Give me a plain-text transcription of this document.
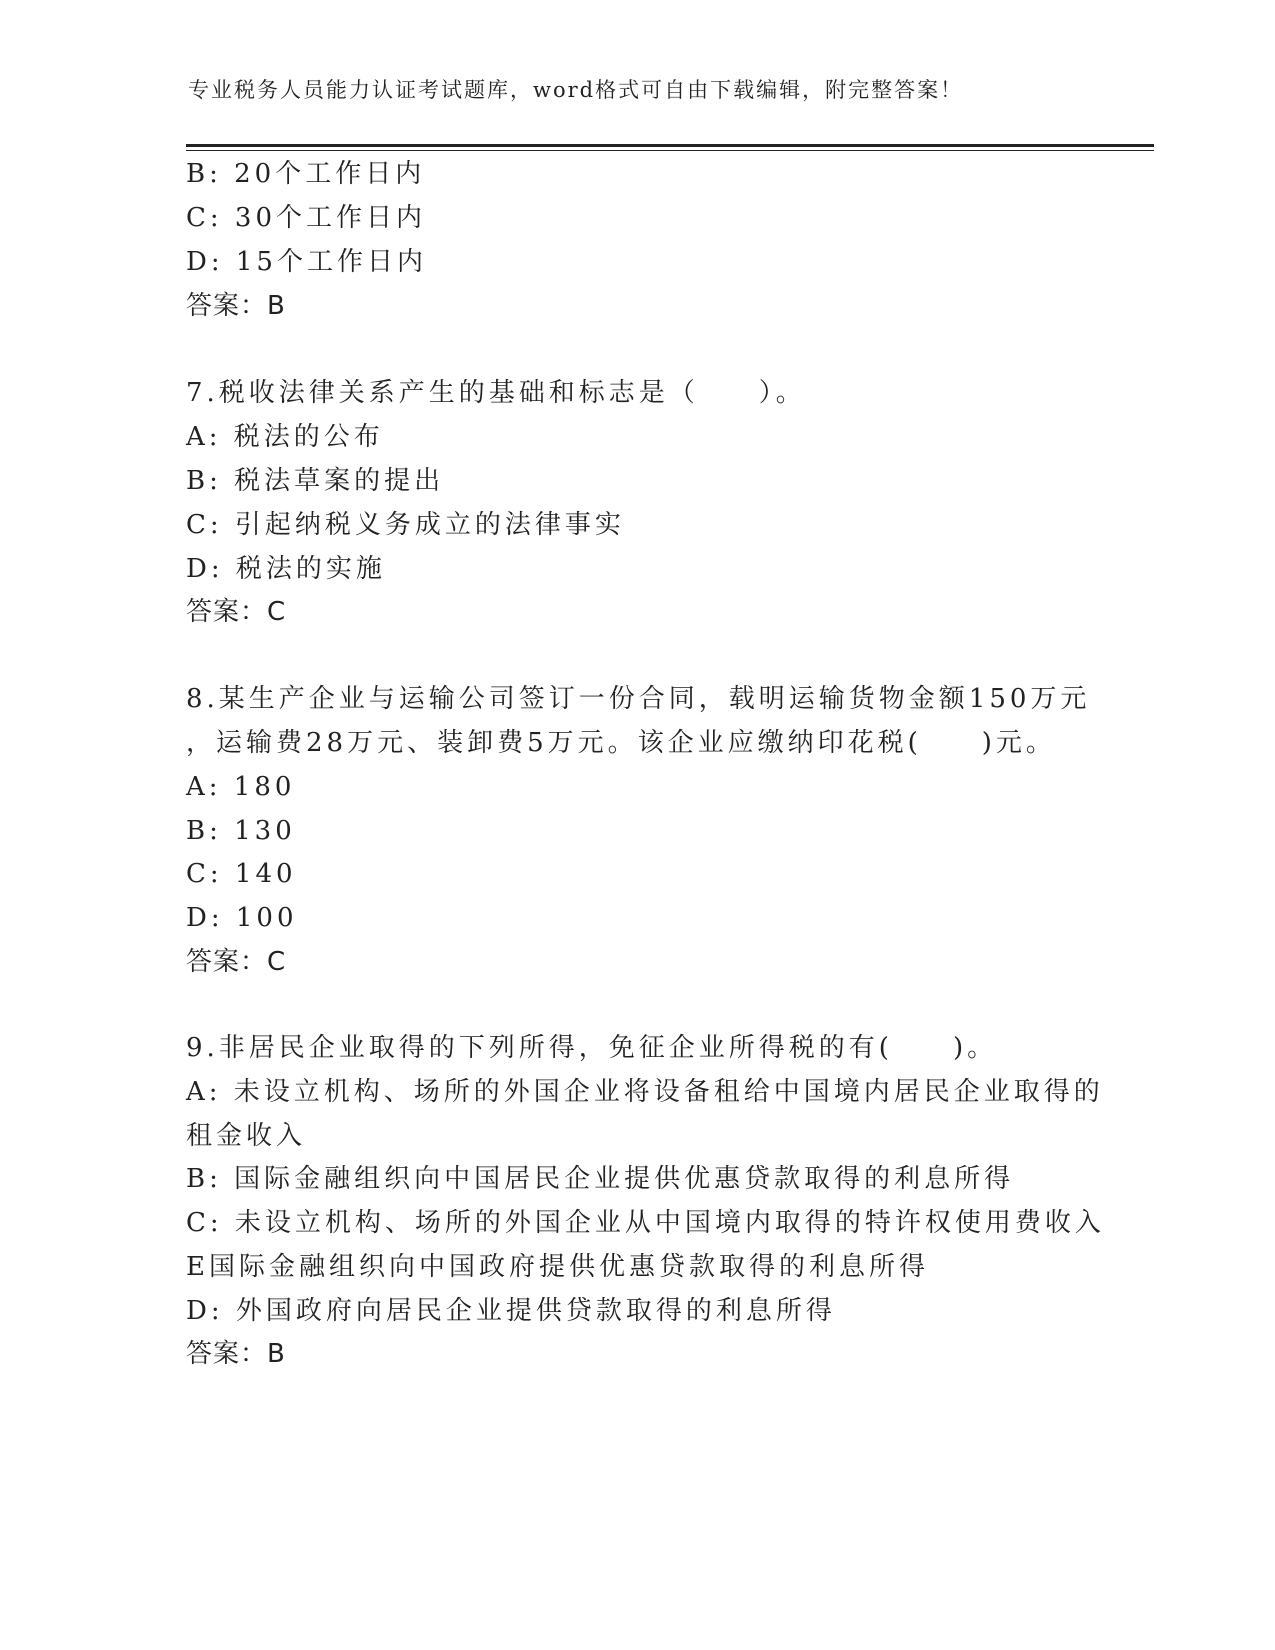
专业税务人员能力认证考试题库，word格式可自由下载编辑，附完整答案！
B: 20个工作日内
C: 30个工作日内
D: 15个工作日内
答案：B
7.税收法律关系产生的基础和标志是（　　）。
A: 税法的公布
B: 税法草案的提出
C: 引起纳税义务成立的法律事实
D: 税法的实施
答案：C
8.某生产企业与运输公司签订一份合同，载明运输货物金额150万元
，运输费28万元、装卸费5万元。该企业应缴纳印花税(　　)元。
A: 180
B: 130
C: 140
D: 100
答案：C
9.非居民企业取得的下列所得，免征企业所得税的有(　　)。
A: 未设立机构、场所的外国企业将设备租给中国境内居民企业取得的
租金收入
B: 国际金融组织向中国居民企业提供优惠贷款取得的利息所得
C: 未设立机构、场所的外国企业从中国境内取得的特许权使用费收入
E国际金融组织向中国政府提供优惠贷款取得的利息所得
D: 外国政府向居民企业提供贷款取得的利息所得
答案：B
